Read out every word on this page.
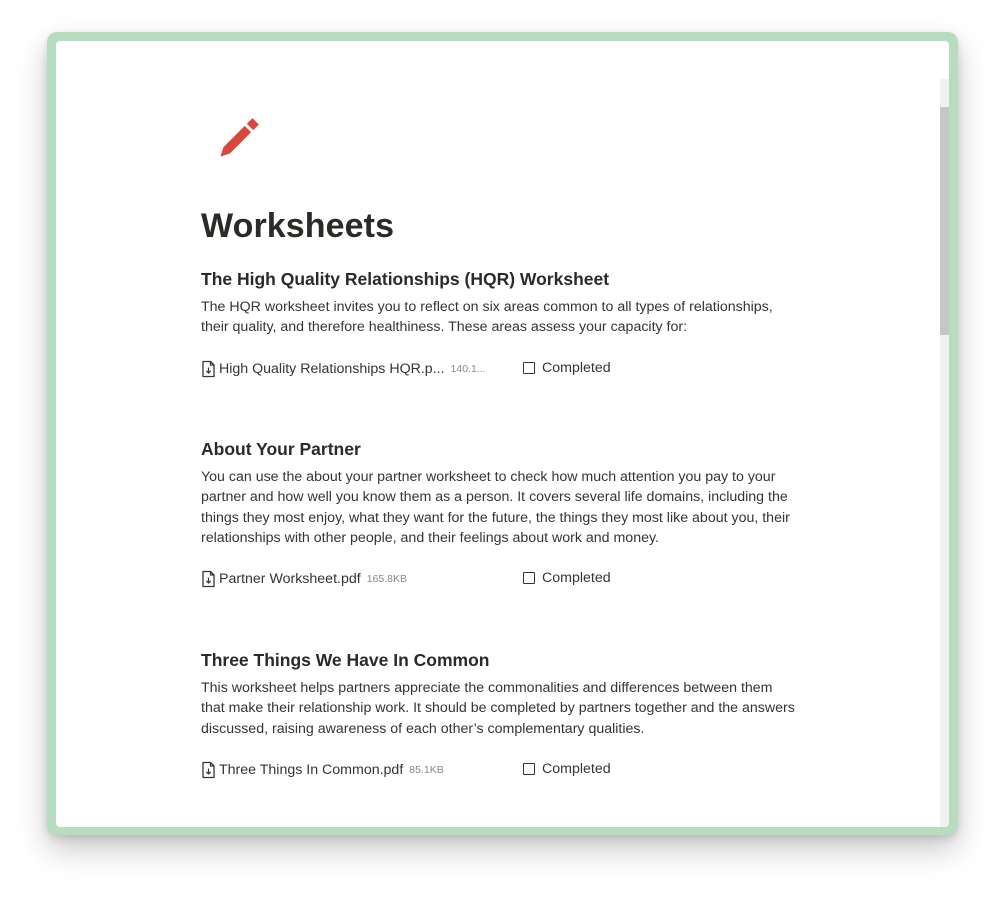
Worksheets
The High Quality Relationships (HQR) Worksheet

The HQR worksheet invites you to reflect on six areas common to all types of relationships, their quality, and therefore healthiness. These areas assess your capacity for:

High Quality Relationships HQR.p... 140.1...	Completed
About Your Partner

You can use the about your partner worksheet to check how much attention you pay to your partner and how well you know them as a person. It covers several life domains, including the things they most enjoy, what they want for the future, the things they most like about you, their relationships with other people, and their feelings about work and money.

Partner Worksheet.pdf 165.8KB	Completed
Three Things We Have In Common

This worksheet helps partners appreciate the commonalities and differences between them that make their relationship work. It should be completed by partners together and the answers discussed, raising awareness of each other’s complementary qualities.

Three Things In Common.pdf 85.1KB	Completed
